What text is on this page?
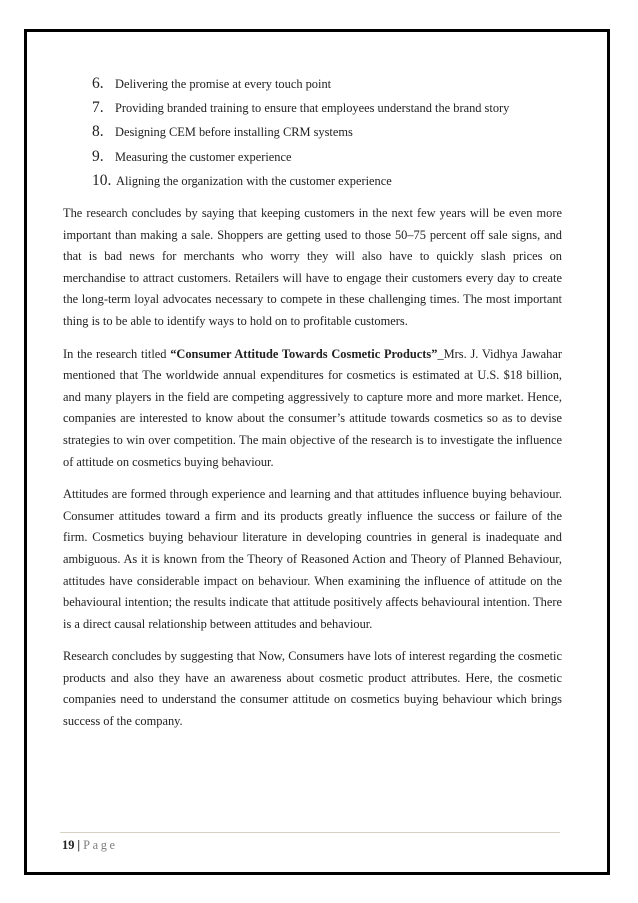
6. Delivering the promise at every touch point
7. Providing branded training to ensure that employees understand the brand story
8. Designing CEM before installing CRM systems
9. Measuring the customer experience
10. Aligning the organization with the customer experience

The research concludes by saying that keeping customers in the next few years will be even more important than making a sale. Shoppers are getting used to those 50–75 percent off sale signs, and that is bad news for merchants who worry they will also have to quickly slash prices on merchandise to attract customers. Retailers will have to engage their customers every day to create the long-term loyal advocates necessary to compete in these challenging times. The most important thing is to be able to identify ways to hold on to profitable customers.

In the research titled “Consumer Attitude Towards Cosmetic Products”_Mrs. J. Vidhya Jawahar mentioned that The worldwide annual expenditures for cosmetics is estimated at U.S. $18 billion, and many players in the field are competing aggressively to capture more and more market. Hence, companies are interested to know about the consumer’s attitude towards cosmetics so as to devise strategies to win over competition. The main objective of the research is to investigate the influence of attitude on cosmetics buying behaviour.

Attitudes are formed through experience and learning and that attitudes influence buying behaviour. Consumer attitudes toward a firm and its products greatly influence the success or failure of the firm. Cosmetics buying behaviour literature in developing countries in general is inadequate and ambiguous. As it is known from the Theory of Reasoned Action and Theory of Planned Behaviour, attitudes have considerable impact on behaviour. When examining the influence of attitude on the behavioural intention; the results indicate that attitude positively affects behavioural intention. There is a direct causal relationship between attitudes and behaviour.

Research concludes by suggesting that Now, Consumers have lots of interest regarding the cosmetic products and also they have an awareness about cosmetic product attributes. Here, the cosmetic companies need to understand the consumer attitude on cosmetics buying behaviour which brings success of the company.

19 | Page
